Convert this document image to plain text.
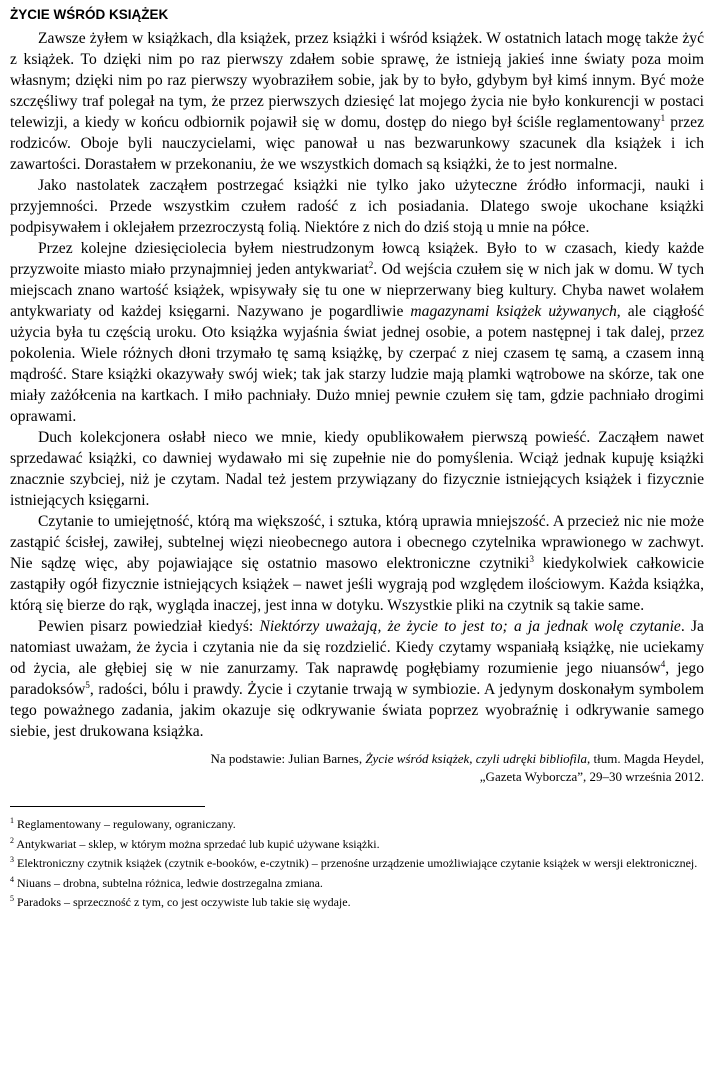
ŻYCIE WŚRÓD KSIĄŻEK

Zawsze żyłem w książkach, dla książek, przez książki i wśród książek. W ostatnich latach mogę także żyć z książek. To dzięki nim po raz pierwszy zdałem sobie sprawę, że istnieją jakieś inne światy poza moim własnym; dzięki nim po raz pierwszy wyobraziłem sobie, jak by to było, gdybym był kimś innym. Być może szczęśliwy traf polegał na tym, że przez pierwszych dziesięć lat mojego życia nie było konkurencji w postaci telewizji, a kiedy w końcu odbiornik pojawił się w domu, dostęp do niego był ściśle reglamentowany$^1$ przez rodziców. Oboje byli nauczycielami, więc panował u nas bezwarunkowy szacunek dla książek i ich zawartości. Dorastałem w przekonaniu, że we wszystkich domach są książki, że to jest normalne.

Jako nastolatek zacząłem postrzegać książki nie tylko jako użyteczne źródło informacji, nauki i przyjemności. Przede wszystkim czułem radość z ich posiadania. Dlatego swoje ukochane książki podpisywałem i oklejałem przezroczystą folią. Niektóre z nich do dziś stoją u mnie na półce.

Przez kolejne dziesięciolecia byłem niestrudzonym łowcą książek. Było to w czasach, kiedy każde przyzwoite miasto miało przynajmniej jeden antykwariat$^2$. Od wejścia czułem się w nich jak w domu. W tych miejscach znano wartość książek, wpisywały się tu one w nieprzerwany bieg kultury. Chyba nawet wolałem antykwariaty od każdej księgarni. Nazywano je pogardliwie magazynami książek używanych, ale ciągłość użycia była tu częścią uroku. Oto książka wyjaśnia świat jednej osobie, a potem następnej i tak dalej, przez pokolenia. Wiele różnych dłoni trzymało tę samą książkę, by czerpać z niej czasem tę samą, a czasem inną mądrość. Stare książki okazywały swój wiek; tak jak starzy ludzie mają plamki wątrobowe na skórze, tak one miały zażółcenia na kartkach. I miło pachniały. Dużo mniej pewnie czułem się tam, gdzie pachniało drogimi oprawami.

Duch kolekcjonera osłabł nieco we mnie, kiedy opublikowałem pierwszą powieść. Zacząłem nawet sprzedawać książki, co dawniej wydawało mi się zupełnie nie do pomyślenia. Wciąż jednak kupuję książki znacznie szybciej, niż je czytam. Nadal też jestem przywiązany do fizycznie istniejących książek i fizycznie istniejących księgarni.

Czytanie to umiejętność, którą ma większość, i sztuka, którą uprawia mniejszość. A przecież nic nie może zastąpić ścisłej, zawiłej, subtelnej więzi nieobecnego autora i obecnego czytelnika wprawionego w zachwyt. Nie sądzę więc, aby pojawiające się ostatnio masowo elektroniczne czytniki$^3$ kiedykolwiek całkowicie zastąpiły ogół fizycznie istniejących książek – nawet jeśli wygrają pod względem ilościowym. Każda książka, którą się bierze do rąk, wygląda inaczej, jest inna w dotyku. Wszystkie pliki na czytnik są takie same.

Pewien pisarz powiedział kiedyś: Niektórzy uważają, że życie to jest to; a ja jednak wolę czytanie. Ja natomiast uważam, że życia i czytania nie da się rozdzielić. Kiedy czytamy wspaniałą książkę, nie uciekamy od życia, ale głębiej się w nie zanurzamy. Tak naprawdę pogłębiamy rozumienie jego niuansów$^4$, jego paradoksów$^5$, radości, bólu i prawdy. Życie i czytanie trwają w symbiozie. A jedynym doskonałym symbolem tego poważnego zadania, jakim okazuje się odkrywanie świata poprzez wyobraźnię i odkrywanie samego siebie, jest drukowana książka.

Na podstawie: Julian Barnes, Życie wśród książek, czyli udręki bibliofila, tłum. Magda Heydel,
„Gazeta Wyborcza”, 29–30 września 2012.

$^1$ Reglamentowany – regulowany, ograniczany.

$^2$ Antykwariat – sklep, w którym można sprzedać lub kupić używane książki.

$^3$ Elektroniczny czytnik książek (czytnik e-booków, e-czytnik) – przenośne urządzenie umożliwiające czytanie książek w wersji elektronicznej.

$^4$ Niuans – drobna, subtelna różnica, ledwie dostrzegalna zmiana.

$^5$ Paradoks – sprzeczność z tym, co jest oczywiste lub takie się wydaje.
